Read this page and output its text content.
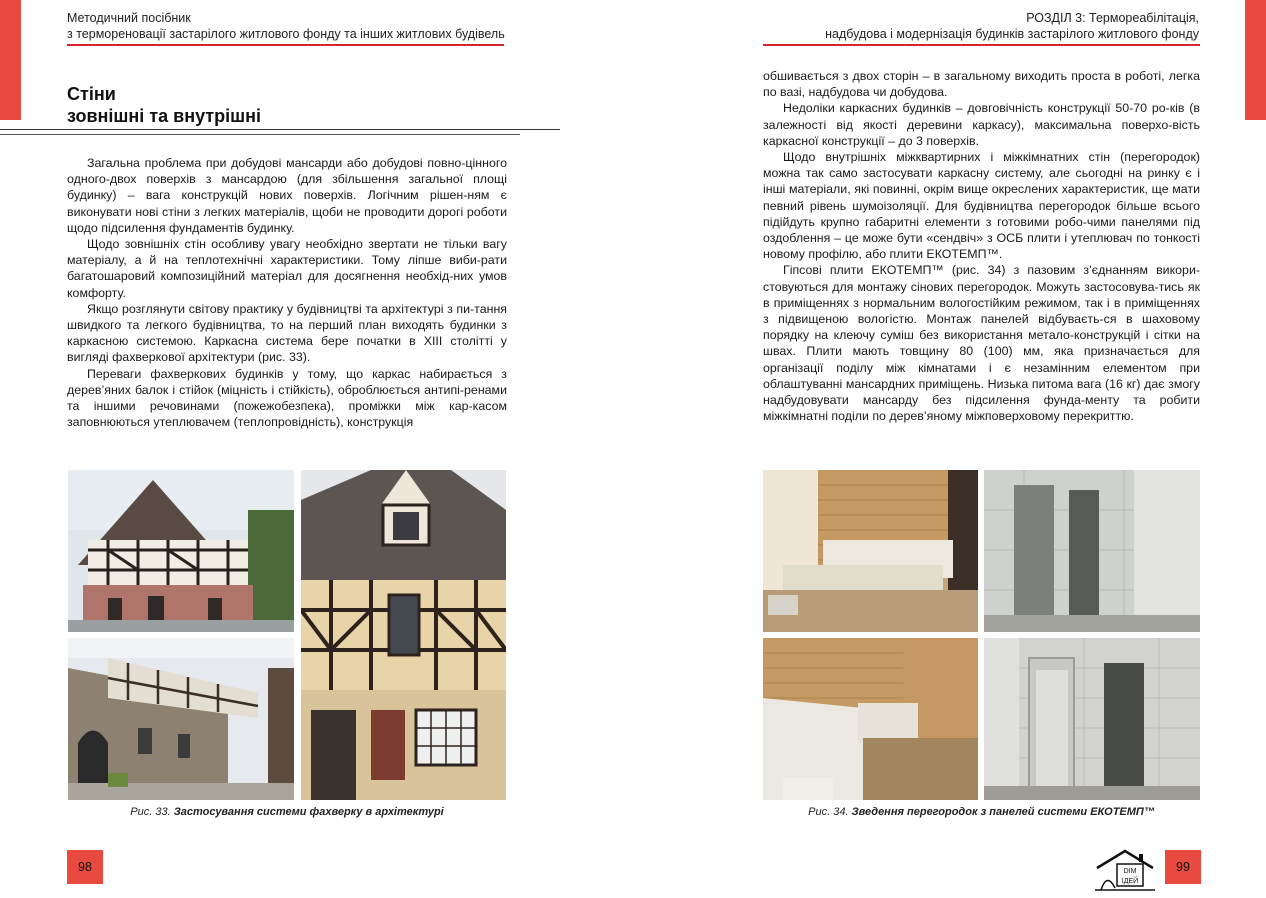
Методичний посібник
з термореновації застарілого житлового фонду та інших житлових будівель
Стіни
зовнішні та внутрішні

Загальна проблема при добудові мансарди або добудові повно-цінного одного-двох поверхів з мансардою (для збільшення загальної площі будинку) – вага конструкцій нових поверхів. Логічним рішен-ням є виконувати нові стіни з легких матеріалів, щоби не проводити дорогі роботи щодо підсилення фундаментів будинку.

Щодо зовнішніх стін особливу увагу необхідно звертати не тільки вагу матеріалу, а й на теплотехнічні характеристики. Тому ліпше виби-рати багатошаровий композиційний матеріал для досягнення необхід-них умов комфорту.

Якщо розглянути світову практику у будівництві та архітектурі з пи-тання швидкого та легкого будівництва, то на перший план виходять будинки з каркасною системою. Каркасна система бере початки в XIII столітті у вигляді фахверкової архітектури (рис. 33).

Переваги фахверкових будинків у тому, що каркас набирається з дерев’яних балок і стійок (міцність і стійкість), оброблюється антипі-ренами та іншими речовинами (пожежобезпека), проміжки між кар-касом заповнюються утеплювачем (теплопровідність), конструкція

Рис. 33. Застосування системи фахверку в архітектурі
98
РОЗДІЛ 3: Термореабілітація,
надбудова і модернізація будинків застарілого житлового фонду

обшивається з двох сторін – в загальному виходить проста в роботі, легка по вазі, надбудова чи добудова.

Недоліки каркасних будинків – довговічність конструкції 50-70 ро-ків (в залежності від якості деревини каркасу), максимальна поверхо-вість каркасної конструкції – до 3 поверхів.

Щодо внутрішніх міжквартирних і міжкімнатних стін (перегородок) можна так само застосувати каркасну систему, але сьогодні на ринку є і інші матеріали, які повинні, окрім вище окреслених характеристик, ще мати певний рівень шумоізоляції. Для будівництва перегородок більше всього підійдуть крупно габаритні елементи з готовими робо-чими панелями під оздоблення – це може бути «сендвіч» з ОСБ плити і утеплювач по тонкості новому профілю, або плити ЕКОТЕМП™.

Гіпсові плити ЕКОТЕМП™ (рис. 34) з пазовим з’єднанням викори-стовуються для монтажу сінових перегородок. Можуть застосовува-тись як в приміщеннях з нормальним вологостійким режимом, так і в приміщеннях з підвищеною вологістю. Монтаж панелей відбуваєть-ся в шаховому порядку на клеючу суміш без використання метало-конструкцій і сітки на швах. Плити мають товщину 80 (100) мм, яка призначається для організації поділу між кімнатами і є незамінним елементом при облаштуванні мансардних приміщень. Низька питома вага (16 кг) дає змогу надбудовувати мансарду без підсилення фунда-менту та робити міжкімнатні поділи по дерев’яному міжповерховому перекриттю.

Рис. 34. Зведення перегородок з панелей системи ЕКОТЕМП™
DIM
ІДЕЙ
99
